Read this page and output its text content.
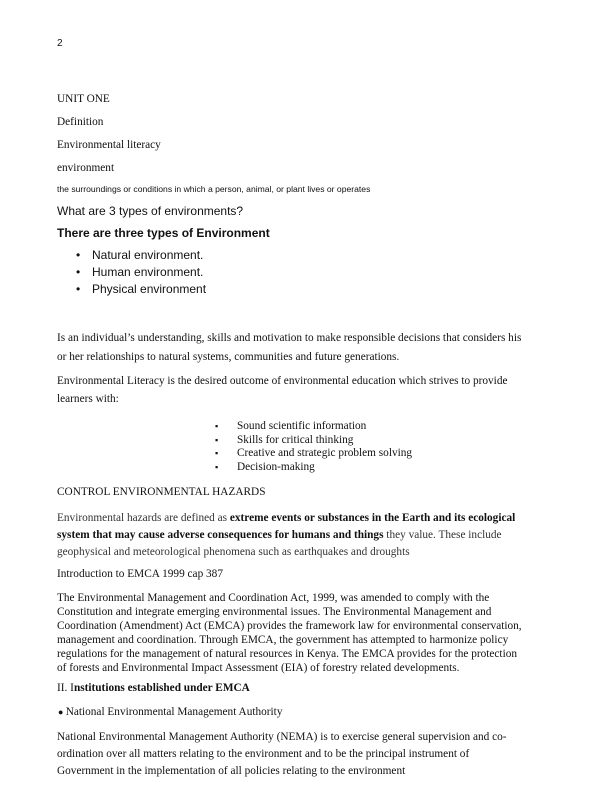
2
UNIT ONE
Definition
Environmental literacy
environment
the surroundings or conditions in which a person, animal, or plant lives or operates
What are 3 types of environments?
There are three types of Environment
• Natural environment.
• Human environment.
• Physical environment
Is an individual’s understanding, skills and motivation to make responsible decisions that considers his
or her relationships to natural systems, communities and future generations.
Environmental Literacy is the desired outcome of environmental education which strives to provide
learners with:
▪ Sound scientific information
▪ Skills for critical thinking
▪ Creative and strategic problem solving
▪ Decision-making
CONTROL ENVIRONMENTAL HAZARDS
Environmental hazards are defined as extreme events or substances in the Earth and its ecological
system that may cause adverse consequences for humans and things they value. These include
geophysical and meteorological phenomena such as earthquakes and droughts
Introduction to EMCA 1999 cap 387
The Environmental Management and Coordination Act, 1999, was amended to comply with the
Constitution and integrate emerging environmental issues. The Environmental Management and
Coordination (Amendment) Act (EMCA) provides the framework law for environmental conservation,
management and coordination. Through EMCA, the government has attempted to harmonize policy
regulations for the management of natural resources in Kenya. The EMCA provides for the protection
of forests and Environmental Impact Assessment (EIA) of forestry related developments.
II. Institutions established under EMCA
● National Environmental Management Authority
National Environmental Management Authority (NEMA) is to exercise general supervision and co-
ordination over all matters relating to the environment and to be the principal instrument of
Government in the implementation of all policies relating to the environment
